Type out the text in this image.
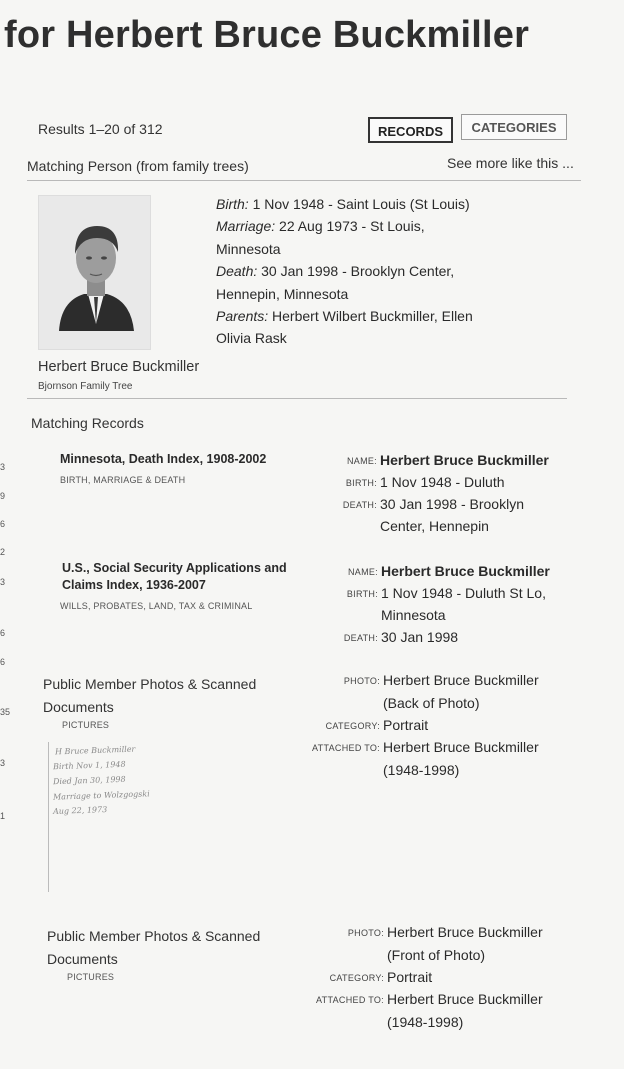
for Herbert Bruce Buckmiller
Results 1–20 of 312	RECORDS	CATEGORIES
Matching Person (from family trees)	See more like this ...
Birth: 1 Nov 1948 - Saint Louis (St Louis)
Marriage: 22 Aug 1973 - St Louis,
Minnesota
Death: 30 Jan 1998 - Brooklyn Center,
Hennepin, Minnesota
Parents: Herbert Wilbert Buckmiller, Ellen
Olivia Rask
Herbert Bruce Buckmiller
Bjornson Family Tree
Matching Records
Minnesota, Death Index, 1908-2002
BIRTH, MARRIAGE & DEATH
NAME: Herbert Bruce Buckmiller
BIRTH: 1 Nov 1948 - Duluth
DEATH: 30 Jan 1998 - Brooklyn
Center, Hennepin
U.S., Social Security Applications and
Claims Index, 1936-2007
WILLS, PROBATES, LAND, TAX & CRIMINAL
NAME: Herbert Bruce Buckmiller
BIRTH: 1 Nov 1948 - Duluth St Lo,
Minnesota
DEATH: 30 Jan 1998
Public Member Photos & Scanned
Documents
PICTURES
PHOTO: Herbert Bruce Buckmiller
(Back of Photo)
CATEGORY: Portrait
ATTACHED TO: Herbert Bruce Buckmiller
(1948-1998)
Public Member Photos & Scanned
Documents
PICTURES
PHOTO: Herbert Bruce Buckmiller
(Front of Photo)
CATEGORY: Portrait
ATTACHED TO: Herbert Bruce Buckmiller
(1948-1998)
H Bruce Buckmiller
Birth Nov 1, 1948
Died Jan 30, 1998
Marriage to Wolzgogski
Aug 22, 1973
3
9
6
2
3
6
6
35
3
1
